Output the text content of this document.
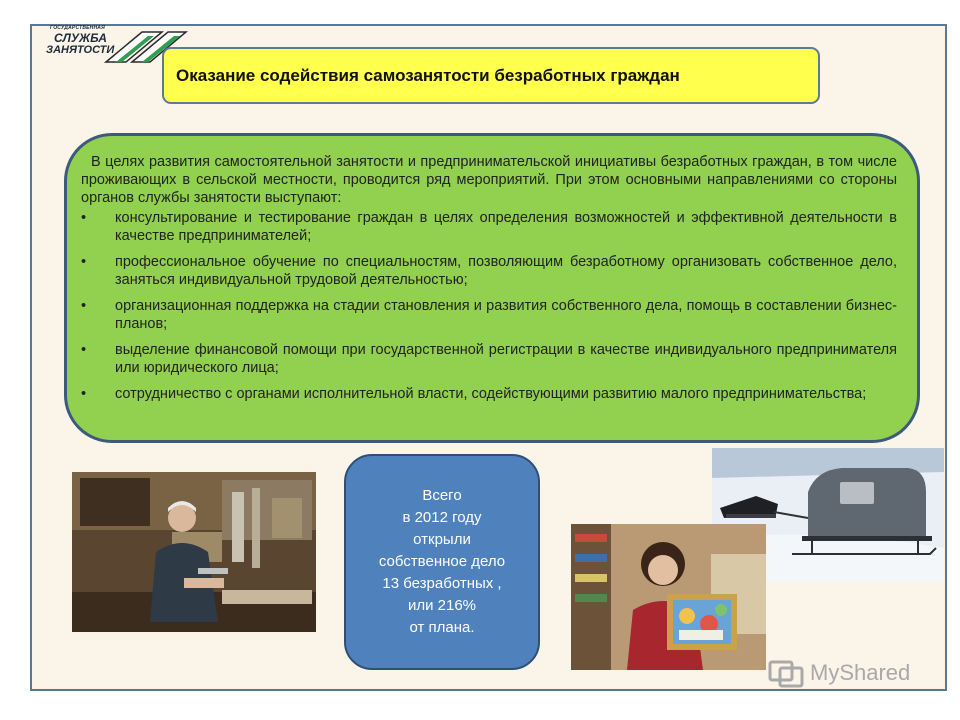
ГОСУДАРСТВЕННАЯ
СЛУЖБА
ЗАНЯТОСТИ
Оказание содействия самозанятости безработных граждан

В целях развития самостоятельной занятости и предпринимательской инициативы безработных граждан, в том числе проживающих в сельской местности, проводится ряд мероприятий. При этом основными направлениями со стороны органов службы занятости выступают:

• консультирование и тестирование граждан в целях определения возможностей и эффективной деятельности в качестве предпринимателей;
• профессиональное обучение по специальностям, позволяющим безработному организовать собственное дело, заняться индивидуальной трудовой деятельностью;
• организационная поддержка на стадии становления и развития собственного дела, помощь в составлении бизнес-планов;
• выделение финансовой помощи при государственной регистрации в качестве индивидуального предпринимателя или юридического лица;
• сотрудничество с органами исполнительной власти, содействующими развитию малого предпринимательства;
Всего
в 2012 году
открыли
собственное дело
13 безработных ,
или 216%
от плана.
MyShared
